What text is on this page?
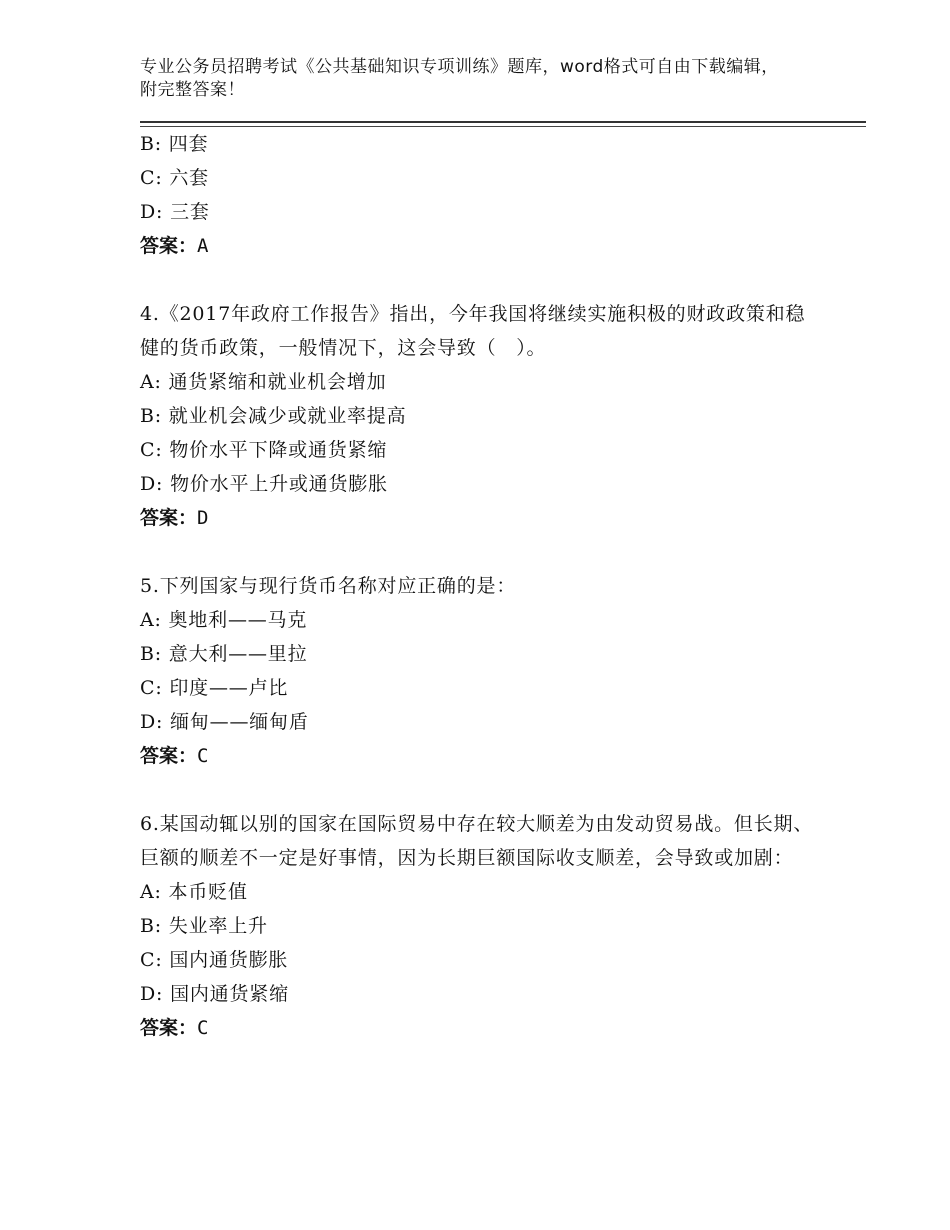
专业公务员招聘考试《公共基础知识专项训练》题库，word格式可自由下载编辑，附完整答案！
B: 四套
C: 六套
D: 三套
答案：A
4.《2017年政府工作报告》指出，今年我国将继续实施积极的财政政策和稳健的货币政策，一般情况下，这会导致（　）。
A: 通货紧缩和就业机会增加
B: 就业机会减少或就业率提高
C: 物价水平下降或通货紧缩
D: 物价水平上升或通货膨胀
答案：D
5.下列国家与现行货币名称对应正确的是：
A: 奥地利——马克
B: 意大利——里拉
C: 印度——卢比
D: 缅甸——缅甸盾
答案：C
6.某国动辄以别的国家在国际贸易中存在较大顺差为由发动贸易战。但长期、巨额的顺差不一定是好事情，因为长期巨额国际收支顺差，会导致或加剧：
A: 本币贬值
B: 失业率上升
C: 国内通货膨胀
D: 国内通货紧缩
答案：C
